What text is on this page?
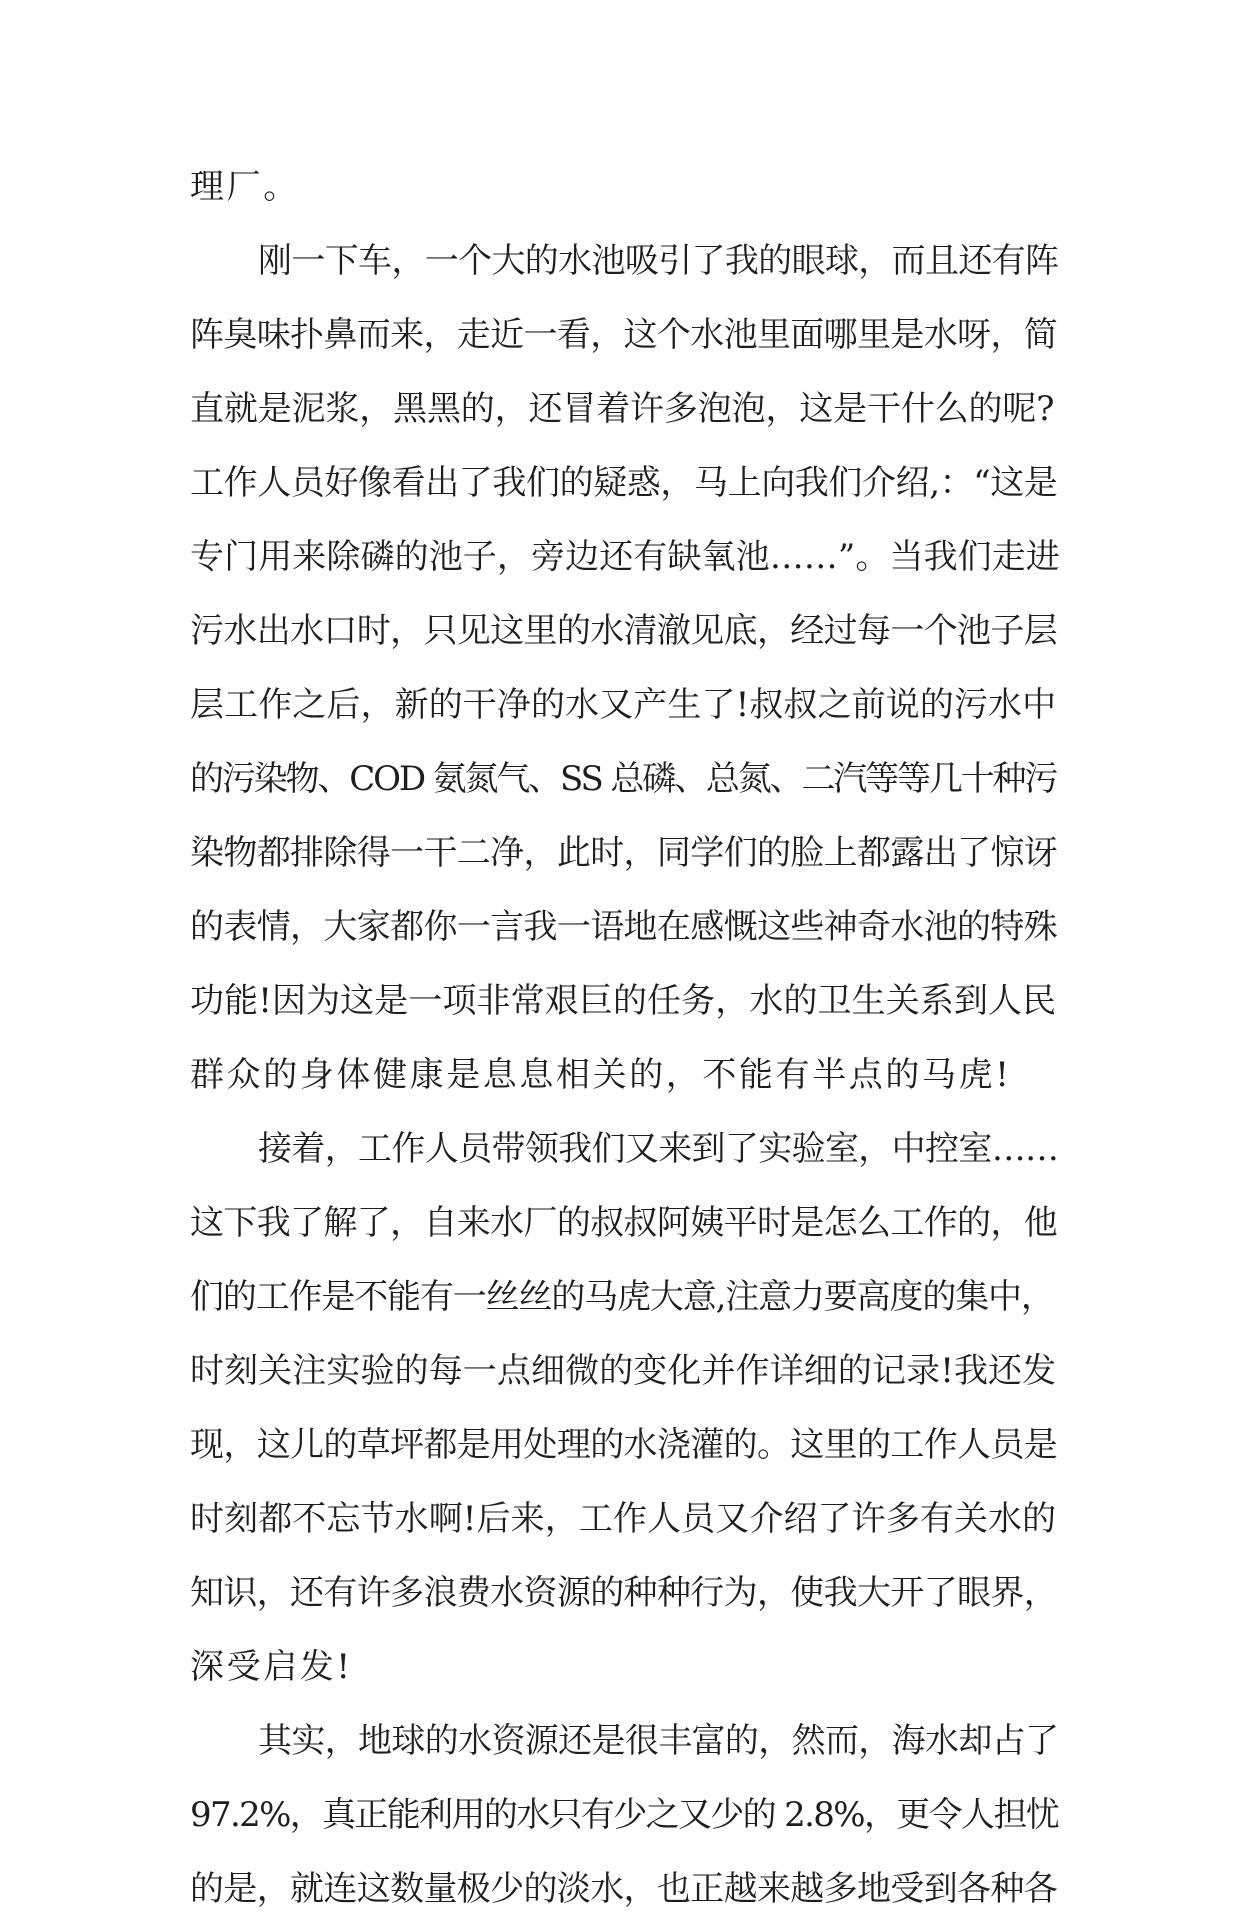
理厂。
刚一下车，一个大的水池吸引了我的眼球，而且还有阵
阵臭味扑鼻而来，走近一看，这个水池里面哪里是水呀，简
直就是泥浆，黑黑的，还冒着许多泡泡，这是干什么的呢?
工作人员好像看出了我们的疑惑，马上向我们介绍,：“这是
专门用来除磷的池子，旁边还有缺氧池……”。当我们走进
污水出水口时，只见这里的水清澈见底，经过每一个池子层
层工作之后，新的干净的水又产生了!叔叔之前说的污水中
的污染物、COD 氨氮气、SS 总磷、总氮、二汽等等几十种污
染物都排除得一干二净，此时，同学们的脸上都露出了惊讶
的表情，大家都你一言我一语地在感慨这些神奇水池的特殊
功能!因为这是一项非常艰巨的任务，水的卫生关系到人民
群众的身体健康是息息相关的，不能有半点的马虎!
接着，工作人员带领我们又来到了实验室，中控室……
这下我了解了，自来水厂的叔叔阿姨平时是怎么工作的，他
们的工作是不能有一丝丝的马虎大意,注意力要高度的集中，
时刻关注实验的每一点细微的变化并作详细的记录!我还发
现，这儿的草坪都是用处理的水浇灌的。这里的工作人员是
时刻都不忘节水啊!后来，工作人员又介绍了许多有关水的
知识，还有许多浪费水资源的种种行为，使我大开了眼界，
深受启发!
其实，地球的水资源还是很丰富的，然而，海水却占了
97.2%，真正能利用的水只有少之又少的 2.8%，更令人担忧
的是，就连这数量极少的淡水，也正越来越多地受到各种各
